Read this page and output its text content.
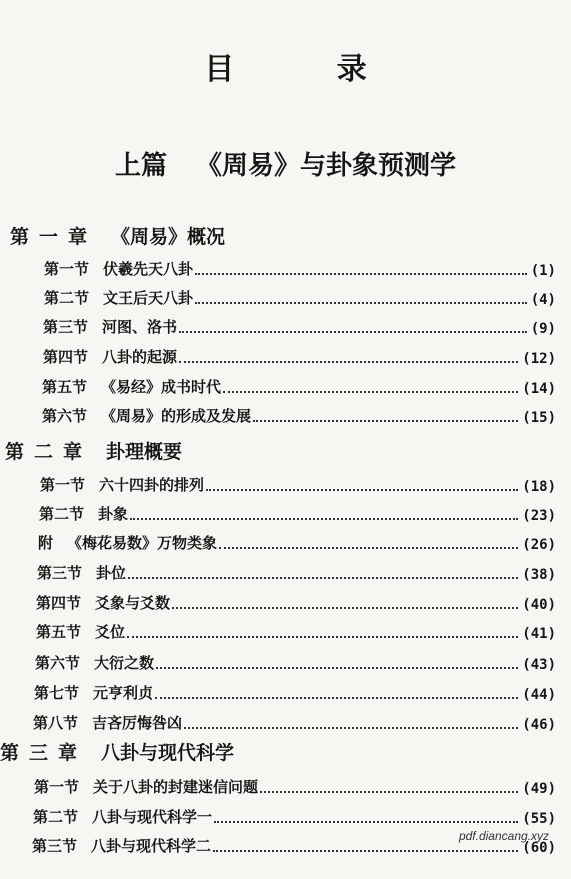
目 录
上篇 《周易》与卦象预测学
第一章 《周易》概况
第一节 伏羲先天八卦	(1)
第二节 文王后天八卦	(4)
第三节 河图、洛书	(9)
第四节 八卦的起源	(12)
第五节 《易经》成书时代	(14)
第六节 《周易》的形成及发展	(15)
第二章 卦理概要
第一节 六十四卦的排列	(18)
第二节 卦象	(23)
附 《梅花易数》万物类象	(26)
第三节 卦位	(38)
第四节 爻象与爻数	(40)
第五节 爻位	(41)
第六节 大衍之数	(43)
第七节 元亨利贞	(44)
第八节 吉吝厉悔咎凶	(46)
第三章 八卦与现代科学
第一节 关于八卦的封建迷信问题	(49)
第二节 八卦与现代科学一	(55)
第三节 八卦与现代科学二	(60)
pdf.diancang.xyz
